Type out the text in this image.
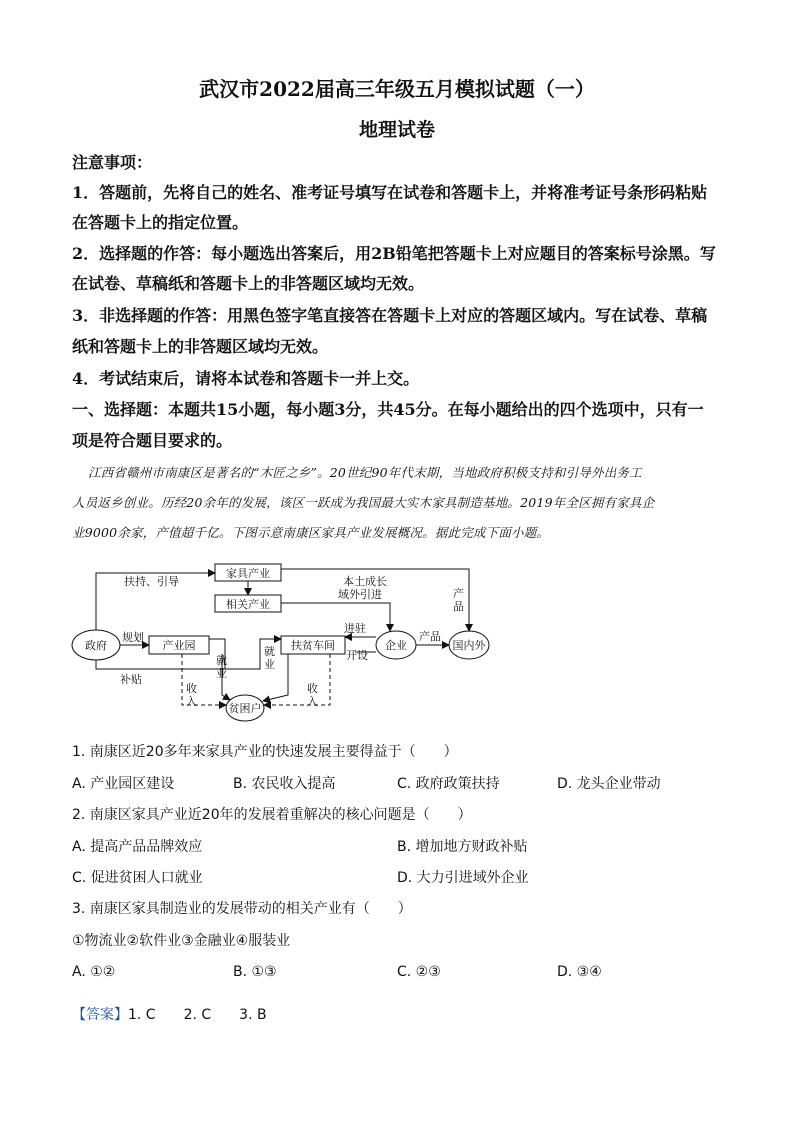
武汉市2022届高三年级五月模拟试题（一）
地理试卷
注意事项：
1．答题前，先将自己的姓名、准考证号填写在试卷和答题卡上，并将准考证号条形码粘贴
在答题卡上的指定位置。
2．选择题的作答：每小题选出答案后，用2B铅笔把答题卡上对应题目的答案标号涂黑。写
在试卷、草稿纸和答题卡上的非答题区域均无效。
3．非选择题的作答：用黑色签字笔直接答在答题卡上对应的答题区域内。写在试卷、草稿
纸和答题卡上的非答题区域均无效。
4．考试结束后，请将本试卷和答题卡一并上交。
一、选择题：本题共15小题，每小题3分，共45分。在每小题给出的四个选项中，只有一
项是符合题目要求的。
江西省赣州市南康区是著名的“木匠之乡”。20世纪90年代末期，当地政府积极支持和引导外出务工
人员返乡创业。历经20余年的发展，该区一跃成为我国最大实木家具制造基地。2019年全区拥有家具企
业9000余家，产值超千亿。下图示意南康区家具产业发展概况。据此完成下面小题。
家具产业
相关产业
政府	产业园	扶贫车间	企业	国内外
贫困户
扶持、引导	本土成长
域外引进	产
品
规划
进驻
产品
补贴
就
业
就
业
开设
收
入
收
入
1. 南康区近20多年来家具产业的快速发展主要得益于（　　）
A. 产业园区建设	B. 农民收入提高	C. 政府政策扶持	D. 龙头企业带动
2. 南康区家具产业近20年的发展着重解决的核心问题是（　　）
A. 提高产品品牌效应	B. 增加地方财政补贴
C. 促进贫困人口就业	D. 大力引进域外企业
3. 南康区家具制造业的发展带动的相关产业有（　　）
①物流业②软件业③金融业④服装业
A. ①②	B. ①③	C. ②③	D. ③④
【答案】1. C　　2. C　　3. B
